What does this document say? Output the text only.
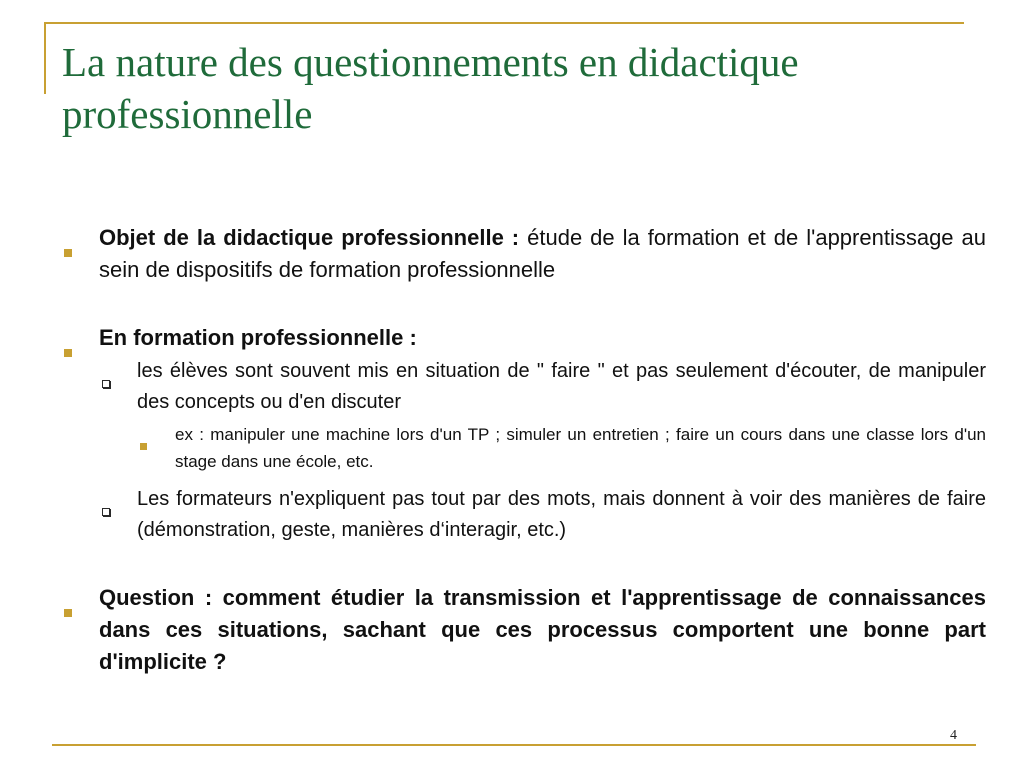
La nature des questionnements en didactique professionnelle
Objet de la didactique professionnelle : étude de la formation et de l'apprentissage au sein de dispositifs de formation professionnelle
En formation professionnelle :
les élèves sont souvent mis en situation de " faire " et pas seulement d'écouter, de manipuler des concepts ou d'en discuter
ex : manipuler une machine lors d'un TP ; simuler un entretien ; faire un cours dans une classe lors d'un stage dans une école, etc.
Les formateurs n'expliquent pas tout par des mots, mais donnent à voir des manières de faire (démonstration, geste, manières d‘interagir, etc.)
Question : comment étudier la transmission et l'apprentissage de connaissances dans ces situations, sachant que ces processus comportent une bonne part d'implicite ?
4
